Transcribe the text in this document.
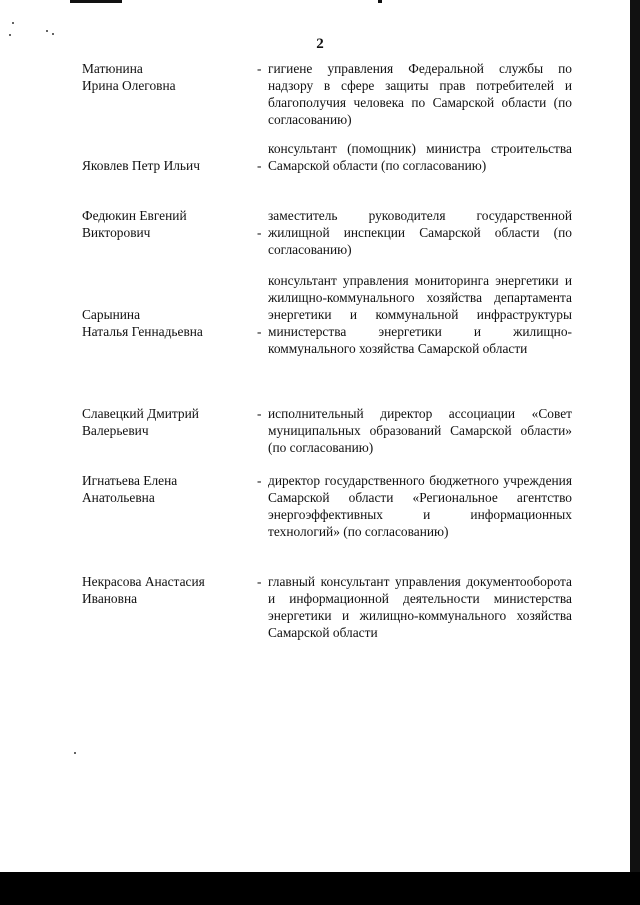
2
Матюнина
Ирина Олеговна
- гигиене управления Федеральной службы по надзору в сфере защиты прав потребителей и благополучия человека по Самарской области (по согласованию)
Яковлев Петр Ильич	-
консультант (помощник) министра строительства Самарской области (по согласованию)
Федюкин Евгений
Викторович	-
заместитель руководителя государственной жилищной инспекции Самарской области (по согласованию)
Сарынина
Наталья Геннадьевна	-
консультант управления мониторинга энергетики и жилищно-коммунального хозяйства департамента энергетики и коммунальной инфраструктуры министерства энергетики и жилищно-коммунального хозяйства Самарской области
Славецкий Дмитрий
Валерьевич
- исполнительный директор ассоциации «Совет муниципальных образований Самарской области» (по согласованию)
Игнатьева Елена
Анатольевна
- директор государственного бюджетного учреждения Самарской области «Региональное агентство энергоэффективных и информационных технологий» (по согласованию)
Некрасова Анастасия
Ивановна
- главный консультант управления документооборота и информационной деятельности министерства энергетики и жилищно-коммунального хозяйства Самарской области
